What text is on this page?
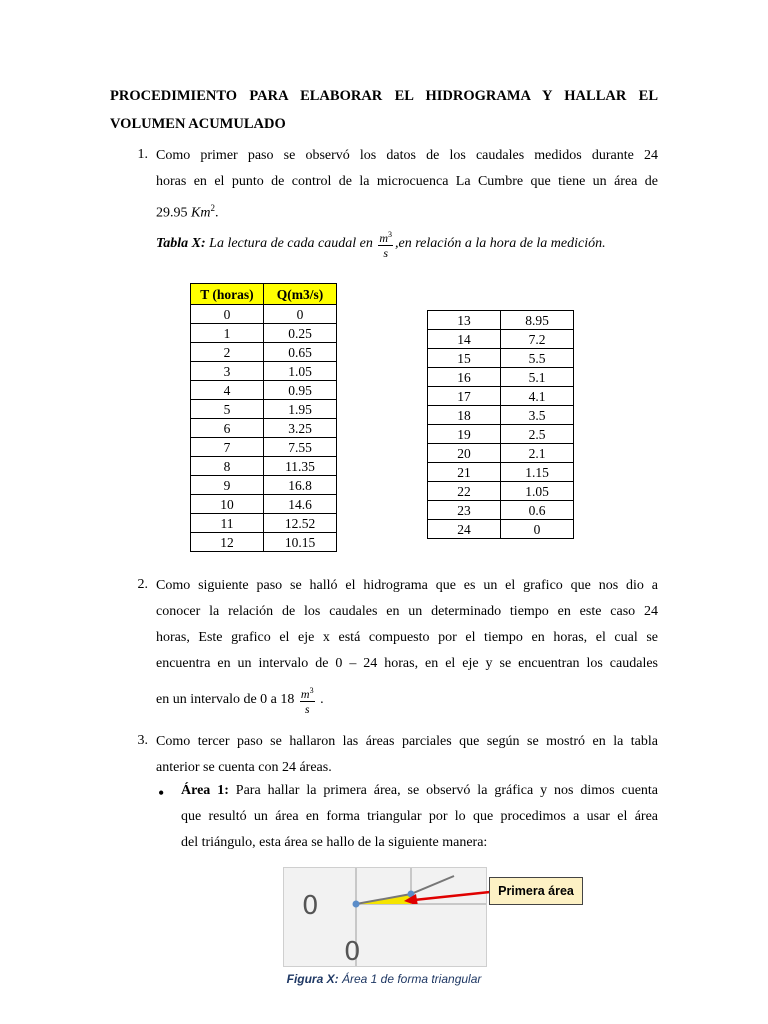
PROCEDIMIENTO PARA ELABORAR EL HIDROGRAMA Y HALLAR EL
VOLUMEN ACUMULADO
1. Como primer paso se observó los datos de los caudales medidos durante 24
horas en el punto de control de la microcuenca La Cumbre que tiene un área de
29.95 Km$^2$.
Tabla X: La lectura de cada caudal en $\frac{m^3}{s} ,en$ relación a la hora de la medición.
T (horas)	Q(m3/s)
0	0
1	0.25
2	0.65
3	1.05
4	0.95
5	1.95
6	3.25
7	7.55
8	11.35
9	16.8
10	14.6
11	12.52
12	10.15
13	8.95
14	7.2
15	5.5
16	5.1
17	4.1
18	3.5
19	2.5
20	2.1
21	1.15
22	1.05
23	0.6
24	0
2. Como siguiente paso se halló el hidrograma que es un el grafico que nos dio a
conocer la relación de los caudales en un determinado tiempo en este caso 24
horas, Este grafico el eje x está compuesto por el tiempo en horas, el cual se
encuentra en un intervalo de 0 – 24 horas, en el eje y se encuentran los caudales
en un intervalo de 0 a $18 \frac{m^3}{s}$ .
3. Como tercer paso se hallaron las áreas parciales que según se mostró en la tabla
anterior se cuenta con 24 áreas.
• Área 1: Para hallar la primera área, se observó la gráfica y nos dimos cuenta
que resultó un área en forma triangular por lo que procedimos a usar el área
del triángulo, esta área se hallo de la siguiente manera:
0
0
Primera área
Figura X: Área 1 de forma triangular
